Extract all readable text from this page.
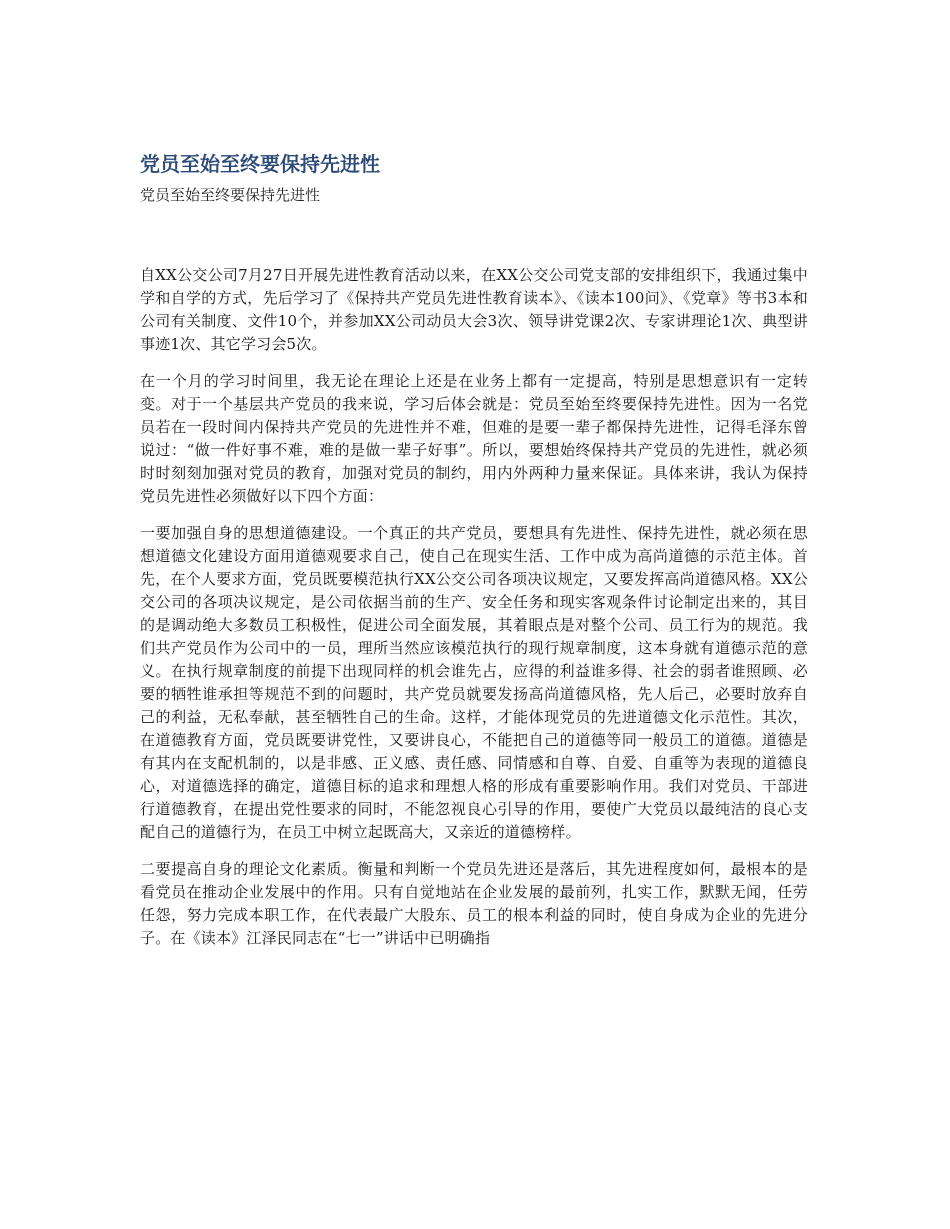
党员至始至终要保持先进性

党员至始至终要保持先进性

自XX公交公司7月27日开展先进性教育活动以来，在XX公交公司党支部的安排组织下，我通过集中学和自学的方式，先后学习了《保持共产党员先进性教育读本》、《读本100问》、《党章》等书3本和公司有关制度、文件10个，并参加XX公司动员大会3次、领导讲党课2次、专家讲理论1次、典型讲事迹1次、其它学习会5次。

在一个月的学习时间里，我无论在理论上还是在业务上都有一定提高，特别是思想意识有一定转变。对于一个基层共产党员的我来说，学习后体会就是：党员至始至终要保持先进性。因为一名党员若在一段时间内保持共产党员的先进性并不难，但难的是要一辈子都保持先进性，记得毛泽东曾说过：“做一件好事不难，难的是做一辈子好事”。所以，要想始终保持共产党员的先进性，就必须时时刻刻加强对党员的教育，加强对党员的制约，用内外两种力量来保证。具体来讲，我认为保持党员先进性必须做好以下四个方面：

一要加强自身的思想道德建设。一个真正的共产党员，要想具有先进性、保持先进性，就必须在思想道德文化建设方面用道德观要求自己，使自己在现实生活、工作中成为高尚道德的示范主体。首先，在个人要求方面，党员既要模范执行XX公交公司各项决议规定，又要发挥高尚道德风格。XX公交公司的各项决议规定，是公司依据当前的生产、安全任务和现实客观条件讨论制定出来的，其目的是调动绝大多数员工积极性，促进公司全面发展，其着眼点是对整个公司、员工行为的规范。我们共产党员作为公司中的一员，理所当然应该模范执行的现行规章制度，这本身就有道德示范的意义。在执行规章制度的前提下出现同样的机会谁先占，应得的利益谁多得、社会的弱者谁照顾、必要的牺牲谁承担等规范不到的问题时，共产党员就要发扬高尚道德风格，先人后己，必要时放弃自己的利益，无私奉献，甚至牺牲自己的生命。这样，才能体现党员的先进道德文化示范性。其次，在道德教育方面，党员既要讲党性，又要讲良心，不能把自己的道德等同一般员工的道德。道德是有其内在支配机制的，以是非感、正义感、责任感、同情感和自尊、自爱、自重等为表现的道德良心，对道德选择的确定，道德目标的追求和理想人格的形成有重要影响作用。我们对党员、干部进行道德教育，在提出党性要求的同时，不能忽视良心引导的作用，要使广大党员以最纯洁的良心支配自己的道德行为，在员工中树立起既高大，又亲近的道德榜样。

二要提高自身的理论文化素质。衡量和判断一个党员先进还是落后，其先进程度如何，最根本的是看党员在推动企业发展中的作用。只有自觉地站在企业发展的最前列，扎实工作，默默无闻，任劳任怨，努力完成本职工作，在代表最广大股东、员工的根本利益的同时，使自身成为企业的先进分子。在《读本》江泽民同志在“七一”讲话中已明确指
